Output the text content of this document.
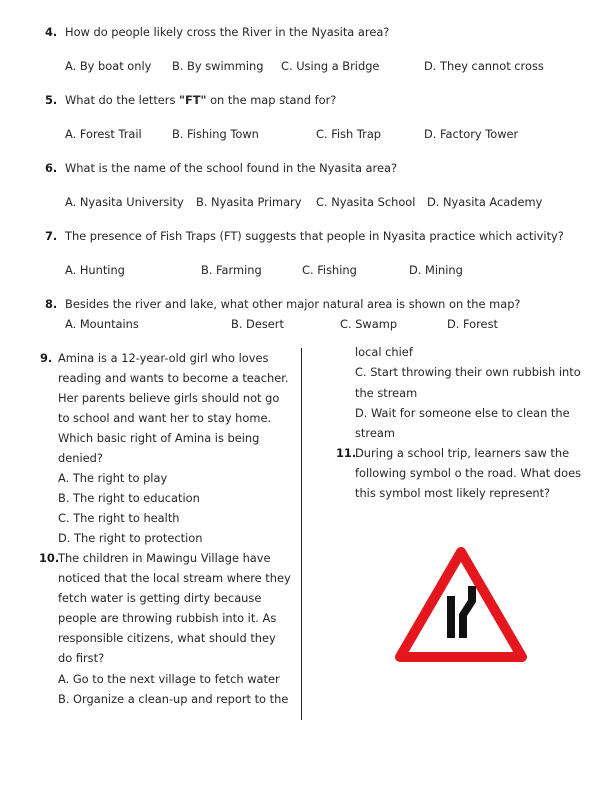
4. How do people likely cross the River in the Nyasita area?
A. By boat only B. By swimming C. Using a Bridge	D. They cannot cross
5. What do the letters "FT" on the map stand for?
A. Forest Trail	B. Fishing Town	C. Fish Trap	D. Factory Tower
6. What is the name of the school found in the Nyasita area?
A. Nyasita University B. Nyasita Primary C. Nyasita School D. Nyasita Academy
7. The presence of Fish Traps (FT) suggests that people in Nyasita practice which activity?
A. Hunting	B. Farming	C. Fishing	D. Mining
8. Besides the river and lake, what other major natural area is shown on the map?
A. Mountains	B. Desert	C. Swamp	D. Forest
9. Amina is a 12-year-old girl who loves
reading and wants to become a teacher.
Her parents believe girls should not go
to school and want her to stay home.
Which basic right of Amina is being
denied?
A. The right to play
B. The right to education
C. The right to health
D. The right to protection
10.
The children in Mawingu Village have
noticed that the local stream where they
fetch water is getting dirty because
people are throwing rubbish into it. As
responsible citizens, what should they
do first?
A. Go to the next village to fetch water
B. Organize a clean-up and report to the
local chief
C. Start throwing their own rubbish into
the stream
D. Wait for someone else to clean the
stream
11.
During a school trip, learners saw the
following symbol o the road. What does
this symbol most likely represent?
